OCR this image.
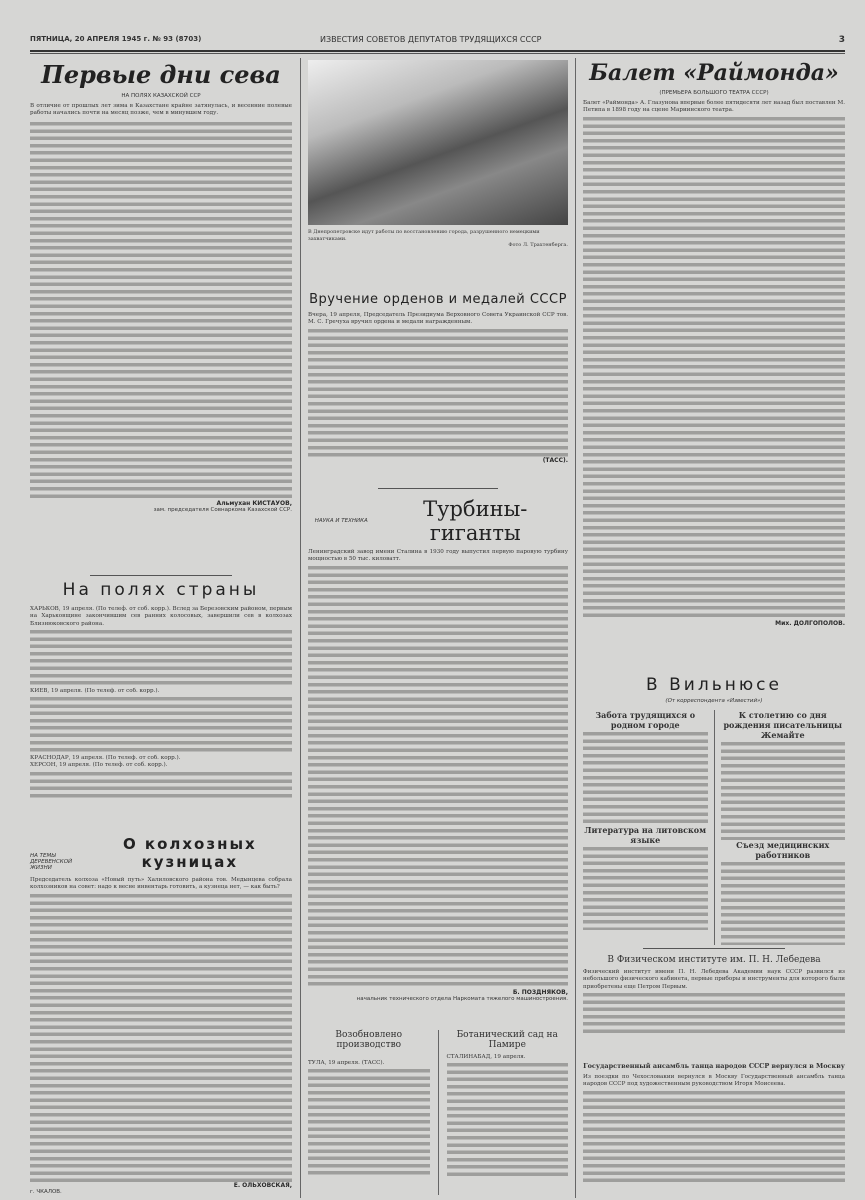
ПЯТНИЦА, 20 АПРЕЛЯ 1945 г. № 93 (8703)	ИЗВЕСТИЯ СОВЕТОВ ДЕПУТАТОВ ТРУДЯЩИХСЯ СССР	3
Первые дни сева
НА ПОЛЯХ КАЗАХСКОЙ ССР
В отличие от прошлых лет зима в Казахстане крайне затянулась, и весенние полевые работы начались почти на месяц позже, чем в минувшем году.
Альмухан КИСТАУОВ,
зам. председателя Совнаркома Казахской ССР.
На полях страны
ХАРЬКОВ, 19 апреля. (По телеф. от соб. корр.). Вслед за Березовским районом, первым на Харьковщине закончившим сев ранних колосовых, завершили сев в колхозах Близнюковского района.
КИЕВ, 19 апреля. (По телеф. от соб. корр.).
КРАСНОДАР, 19 апреля. (По телеф. от соб. корр.).
ХЕРСОН, 19 апреля. (По телеф. от соб. корр.).
НА ТЕМЫ ДЕРЕВЕНСКОЙ ЖИЗНИ
О колхозных кузницах
Председатель колхоза «Новый путь» Халиловского района тов. Медынцева собрала колхозников на совет: надо к весне инвентарь готовить, а кузнеца нет, — как быть?
Е. ОЛЬХОВСКАЯ,
г. ЧКАЛОВ.
В Днепропетровске идут работы по восстановлению города, разрушенного немецкими захватчиками.
Фото Л. Трахтенберга.
Вручение орденов и медалей СССР
Вчера, 19 апреля, Председатель Президиума Верховного Совета Украинской ССР тов. М. С. Гречуха вручил ордена и медали награжденным.
(ТАСС).
НАУКА И ТЕХНИКА	Турбины-гиганты
Ленинградский завод имени Сталина в 1930 году выпустил первую паровую турбину мощностью в 50 тыс. киловатт.
Б. ПОЗДНЯКОВ,
начальник технического отдела Наркомата тяжелого машиностроения.
Возобновлено производство
ТУЛА, 19 апреля. (ТАСС).
Ботанический сад на Памире
СТАЛИНАБАД, 19 апреля.
Балет «Раймонда»
(ПРЕМЬЕРА БОЛЬШОГО ТЕАТРА СССР)
Балет «Раймонда» А. Глазунова впервые более пятидесяти лет назад был поставлен М. Петипа в 1898 году на сцене Мариинского театра.
Мих. ДОЛГОПОЛОВ.
В Вильнюсе
(От корреспондента «Известий»)
Забота трудящихся о родном городе
Литература на литовском языке
К столетию со дня рождения писательницы Жемайте
Съезд медицинских работников
В Физическом институте им. П. Н. Лебедева
Физический институт имени П. Н. Лебедева Академии наук СССР развился из небольшого физического кабинета, первые приборы и инструменты для которого были приобретены еще Петром Первым.
Государственный ансамбль танца народов СССР вернулся в Москву
Из поездки по Чехословакии вернулся в Москву Государственный ансамбль танца народов СССР под художественным руководством Игоря Моисеева.
